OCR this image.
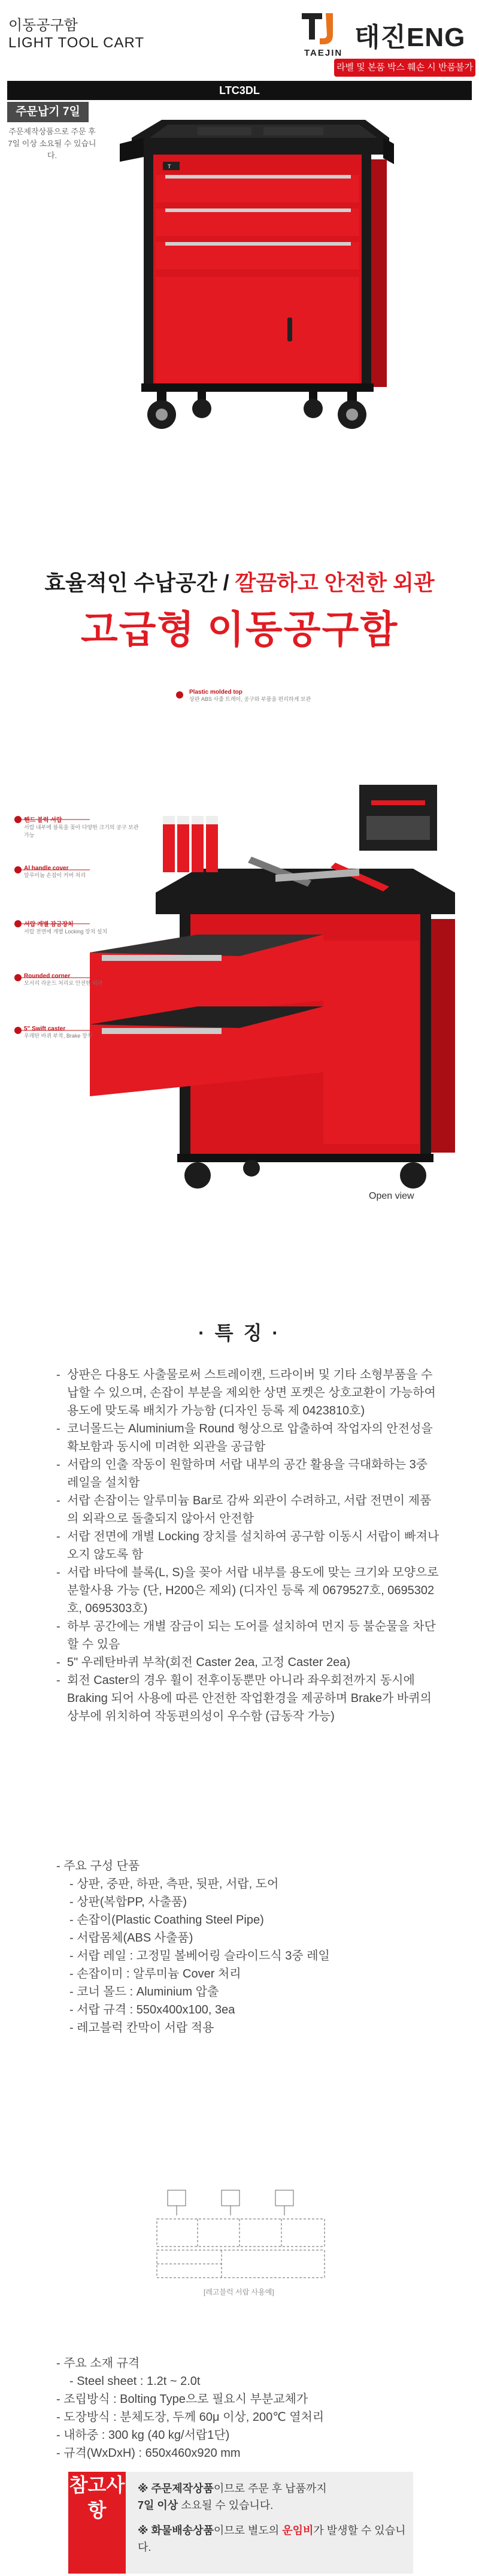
이동공구함
LIGHT TOOL CART	태진ENG
TAEJIN
라벨 및 본품 박스 훼손 시 반품불가
LTC3DL
주문납기 7일
주문제작상품으로 주문 후 7일 이상 소요될 수 있습니다.
T
효율적인 수납공간 / 깔끔하고 안전한 외관
고급형 이동공구함
Plastic molded top
상판 ABS 사출 트레이, 공구와 부품을 편리하게 보관
핸드 블럭 서랍
서랍 내부에 블록을 꽂아 다양한 크기의 공구 보관 가능
Al handle cover
알루미늄 손잡이 커버 처리
서랍 개별 잠금장치
서랍 전면에 개별 Locking 장치 설치
Rounded corner
모서리 라운드 처리로 안전한 외관
5" Swift caster
우레탄 바퀴 부착, Brake 장착
Open view
· 특 징 ·
- 상판은 다용도 사출물로써 스트레이캔, 드라이버 및 기타 소형부품을 수납할 수 있으며, 손잡이 부분을 제외한 상면 포켓은 상호교환이 가능하여 용도에 맞도록 배치가 가능함 (디자인 등록 제 0423810호)
- 코너몰드는 Aluminium을 Round 형상으로 압출하여 작업자의 안전성을 확보함과 동시에 미려한 외관을 공급함
- 서랍의 인출 작동이 원할하며 서랍 내부의 공간 활용을 극대화하는 3중 레일을 설치함
- 서랍 손잡이는 알루미늄 Bar로 감싸 외관이 수려하고, 서랍 전면이 제품의 외곽으로 돌출되지 않아서 안전함
- 서랍 전면에 개별 Locking 장치를 설치하여 공구함 이동시 서랍이 빠져나오지 않도록 함
- 서랍 바닥에 블록(L, S)을 꽂아 서랍 내부를 용도에 맞는 크기와 모양으로 분할사용 가능 (단, H200은 제외) (디자인 등록 제 0679527호, 0695302호, 0695303호)
- 하부 공간에는 개별 잠금이 되는 도어를 설치하여 먼지 등 불순물을 차단할 수 있음
- 5" 우레탄바퀴 부착(회전 Caster 2ea, 고정 Caster 2ea)
- 회전 Caster의 경우 휠이 전후이동뿐만 아니라 좌우회전까지 동시에 Braking 되어 사용에 따른 안전한 작업환경을 제공하며 Brake가 바퀴의 상부에 위치하여 작동편의성이 우수함 (급동작 가능)
- 주요 구성 단품
- 상판, 중판, 하판, 측판, 뒷판, 서랍, 도어
- 상판(복합PP, 사출품)
- 손잡이(Plastic Coathing Steel Pipe)
- 서랍몸체(ABS 사출품)
- 서랍 레일 : 고정밀 볼베어링 슬라이드식 3중 레일
- 손잡이미 : 알루미늄 Cover 처리
- 코너 몰드 : Aluminium 압출
- 서랍 규격 : 550x400x100, 3ea
- 레고블럭 칸막이 서랍 적용
[레고블럭 서랍 사용예]
- 주요 소재 규격
- Steel sheet : 1.2t ~ 2.0t
- 조립방식 : Bolting Type으로 필요시 부분교체가
- 도장방식 : 분체도장, 두께 60μ 이상, 200℃ 열처리
- 내하중 : 300 kg (40 kg/서랍1단)
- 규격(WxDxH) : 650x460x920 mm
참고사항
※ 주문제작상품이므로 주문 후 납품까지
7일 이상 소요될 수 있습니다.
※ 화물배송상품이므로 별도의 운임비가 발생할 수 있습니다.
